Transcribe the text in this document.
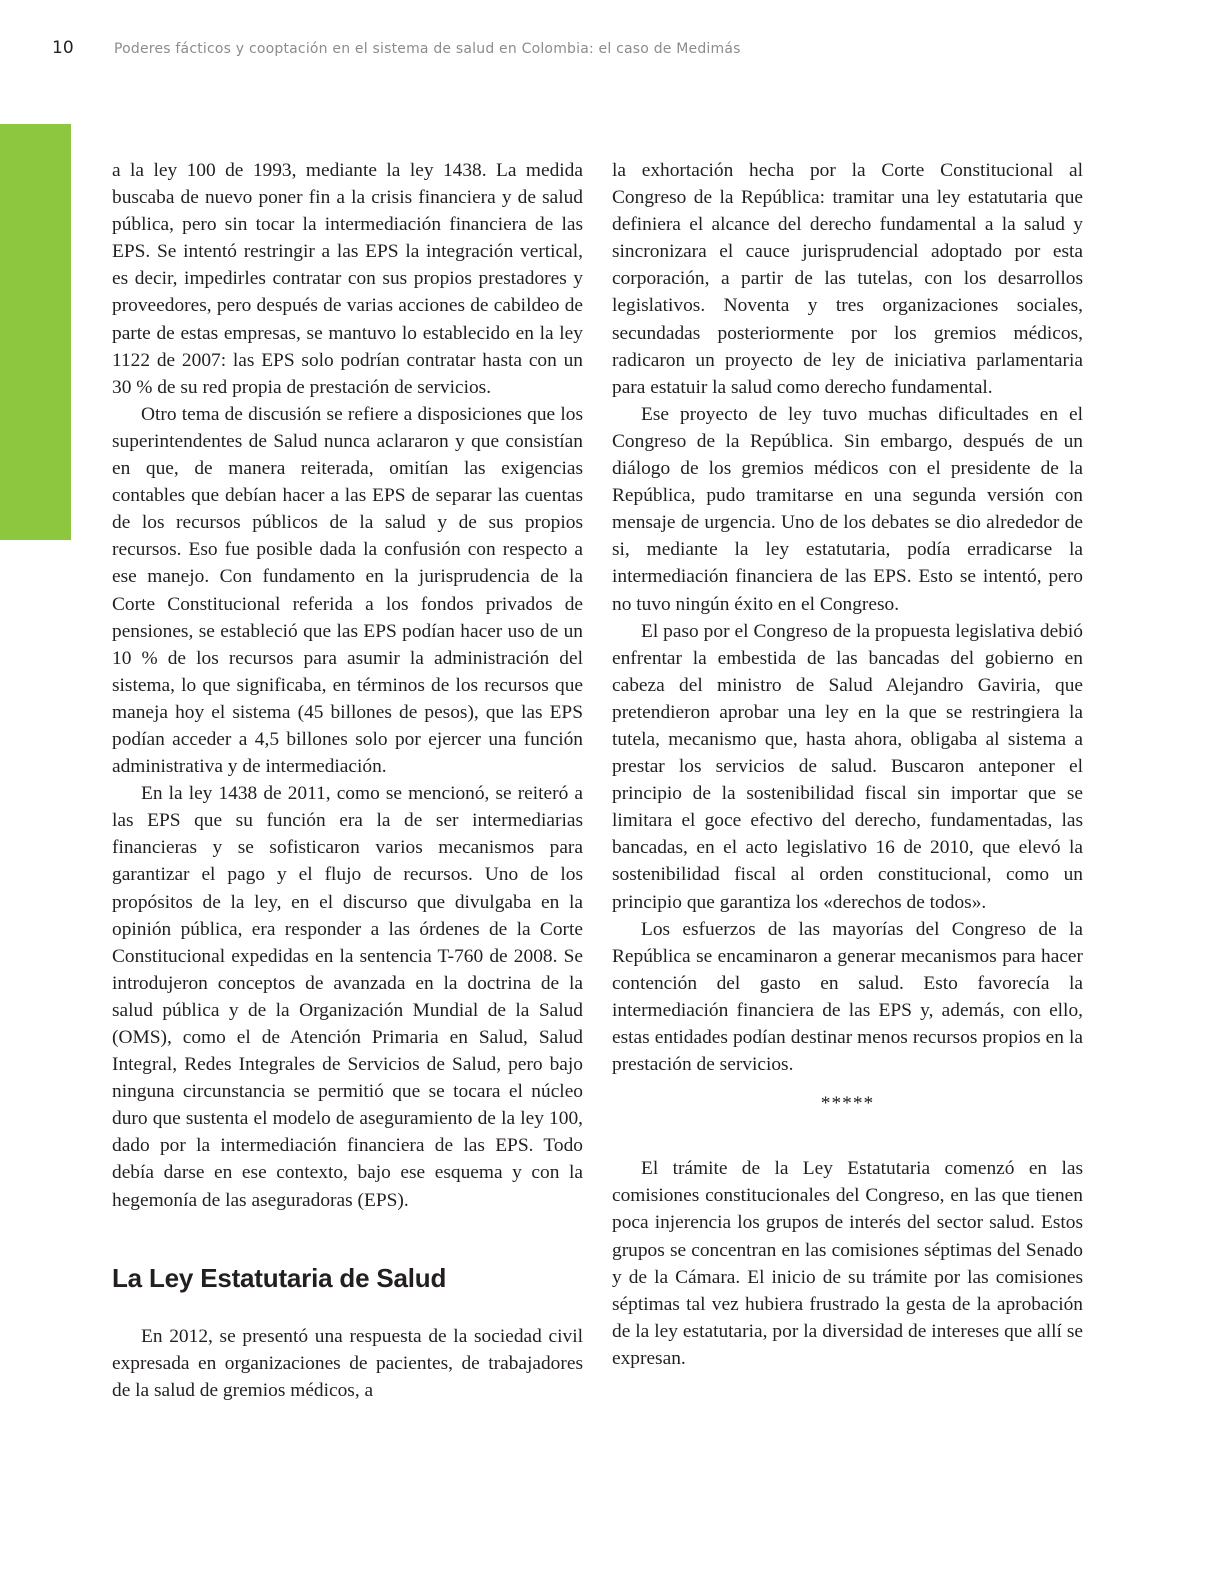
10	Poderes fácticos y cooptación en el sistema de salud en Colombia: el caso de Medimás

a la ley 100 de 1993, mediante la ley 1438. La medida buscaba de nuevo poner fin a la crisis financiera y de salud pública, pero sin tocar la intermediación financiera de las EPS. Se intentó restringir a las EPS la integración vertical, es decir, impedirles contratar con sus propios prestadores y proveedores, pero después de varias acciones de cabildeo de parte de estas empresas, se mantuvo lo establecido en la ley 1122 de 2007: las EPS solo podrían contratar hasta con un 30 % de su red propia de prestación de servicios.

Otro tema de discusión se refiere a disposiciones que los superintendentes de Salud nunca aclararon y que consistían en que, de manera reiterada, omitían las exigencias contables que debían hacer a las EPS de separar las cuentas de los recursos públicos de la salud y de sus propios recursos. Eso fue posible dada la confusión con respecto a ese manejo. Con fundamento en la jurisprudencia de la Corte Constitucional referida a los fondos privados de pensiones, se estableció que las EPS podían hacer uso de un 10 % de los recursos para asumir la administración del sistema, lo que significaba, en términos de los recursos que maneja hoy el sistema (45 billones de pesos), que las EPS podían acceder a 4,5 billones solo por ejercer una función administrativa y de intermediación.

En la ley 1438 de 2011, como se mencionó, se reiteró a las EPS que su función era la de ser intermediarias financieras y se sofisticaron varios mecanismos para garantizar el pago y el flujo de recursos. Uno de los propósitos de la ley, en el discurso que divulgaba en la opinión pública, era responder a las órdenes de la Corte Constitucional expedidas en la sentencia T-760 de 2008. Se introdujeron conceptos de avanzada en la doctrina de la salud pública y de la Organización Mundial de la Salud (OMS), como el de Atención Primaria en Salud, Salud Integral, Redes Integrales de Servicios de Salud, pero bajo ninguna circunstancia se permitió que se tocara el núcleo duro que sustenta el modelo de aseguramiento de la ley 100, dado por la intermediación financiera de las EPS. Todo debía darse en ese contexto, bajo ese esquema y con la hegemonía de las aseguradoras (EPS).

La Ley Estatutaria de Salud

En 2012, se presentó una respuesta de la sociedad civil expresada en organizaciones de pacientes, de trabajadores de la salud de gremios médicos, a

la exhortación hecha por la Corte Constitucional al Congreso de la República: tramitar una ley estatutaria que definiera el alcance del derecho fundamental a la salud y sincronizara el cauce jurisprudencial adoptado por esta corporación, a partir de las tutelas, con los desarrollos legislativos. Noventa y tres organizaciones sociales, secundadas posteriormente por los gremios médicos, radicaron un proyecto de ley de iniciativa parlamentaria para estatuir la salud como derecho fundamental.

Ese proyecto de ley tuvo muchas dificultades en el Congreso de la República. Sin embargo, después de un diálogo de los gremios médicos con el presidente de la República, pudo tramitarse en una segunda versión con mensaje de urgencia. Uno de los debates se dio alrededor de si, mediante la ley estatutaria, podía erradicarse la intermediación financiera de las EPS. Esto se intentó, pero no tuvo ningún éxito en el Congreso.

El paso por el Congreso de la propuesta legislativa debió enfrentar la embestida de las bancadas del gobierno en cabeza del ministro de Salud Alejandro Gaviria, que pretendieron aprobar una ley en la que se restringiera la tutela, mecanismo que, hasta ahora, obligaba al sistema a prestar los servicios de salud. Buscaron anteponer el principio de la sostenibilidad fiscal sin importar que se limitara el goce efectivo del derecho, fundamentadas, las bancadas, en el acto legislativo 16 de 2010, que elevó la sostenibilidad fiscal al orden constitucional, como un principio que garantiza los «derechos de todos».

Los esfuerzos de las mayorías del Congreso de la República se encaminaron a generar mecanismos para hacer contención del gasto en salud. Esto favorecía la intermediación financiera de las EPS y, además, con ello, estas entidades podían destinar menos recursos propios en la prestación de servicios.

*****

El trámite de la Ley Estatutaria comenzó en las comisiones constitucionales del Congreso, en las que tienen poca injerencia los grupos de interés del sector salud. Estos grupos se concentran en las comisiones séptimas del Senado y de la Cámara. El inicio de su trámite por las comisiones séptimas tal vez hubiera frustrado la gesta de la aprobación de la ley estatutaria, por la diversidad de intereses que allí se expresan.
